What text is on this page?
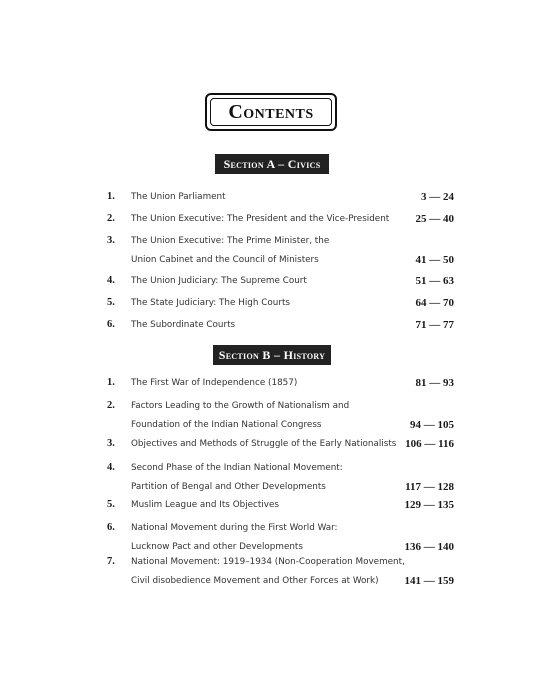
Contents
Section A – Civics
Section B – History
1. The Union Parliament	3 — 24
2. The Union Executive: The President and the Vice-President	25 — 40
3. The Union Executive: The Prime Minister, the
Union Cabinet and the Council of Ministers	41 — 50
4. The Union Judiciary: The Supreme Court	51 — 63
5. The State Judiciary: The High Courts	64 — 70
6. The Subordinate Courts	71 — 77
1. The First War of Independence (1857)	81 — 93
2. Factors Leading to the Growth of Nationalism and
Foundation of the Indian National Congress	94 — 105
3. Objectives and Methods of Struggle of the Early Nationalists 106 — 116
4. Second Phase of the Indian National Movement:
Partition of Bengal and Other Developments	117 — 128
5. Muslim League and Its Objectives	129 — 135
6. National Movement during the First World War:
Lucknow Pact and other Developments	136 — 140
7. National Movement: 1919–1934 (Non-Cooperation Movement,
Civil disobedience Movement and Other Forces at Work)	141 — 159
